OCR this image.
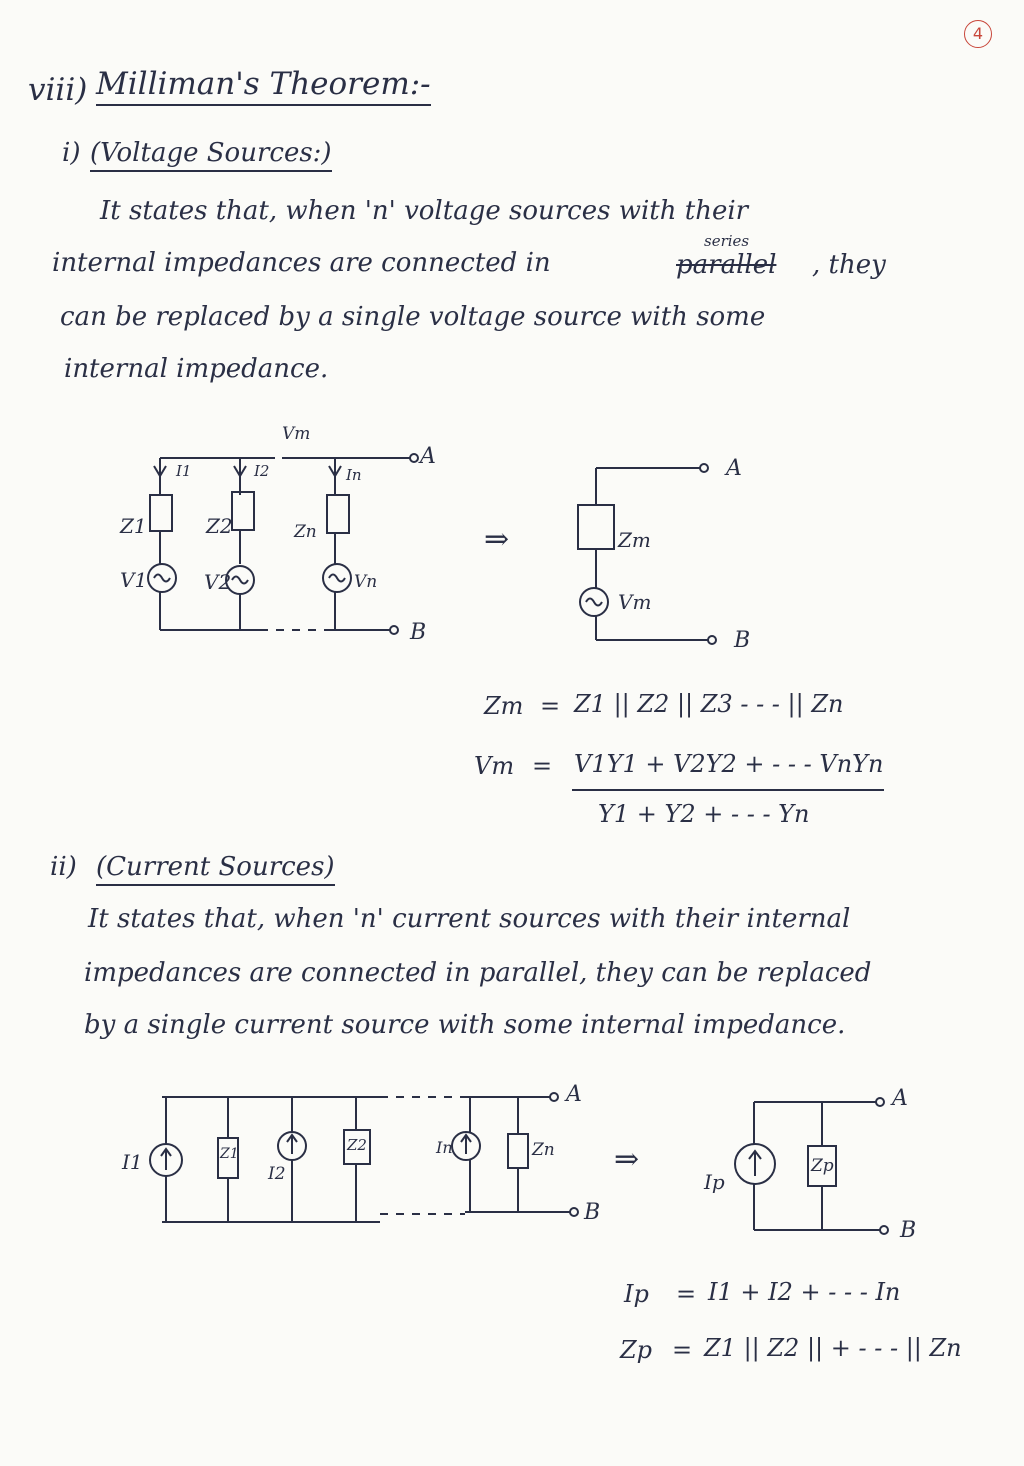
4
viii) Milliman's Theorem:-
i) (Voltage Sources:)
It states that, when 'n' voltage sources with their
internal impedances are connected in
series
parallel , they
can be replaced by a single voltage source with some
internal impedance.
I1	I2	In
Z1	Z2	Zn
V1	V2	Vn
Vm
A
B
⇒	Zm
Vm
A
B
Zm = Z1 || Z2 || Z3 - - - || Zn
Vm = V1Y1 + V2Y2 + - - - VnYn
Y1 + Y2 + - - - Yn
ii) (Current Sources)
It states that, when 'n' current sources with their internal
impedances are connected in parallel, they can be replaced
by a single current source with some internal impedance.
I1	Z1
I2
Z2	In	Zn
A
B
⇒
Ip
Zp
A
B
Ip = I1 + I2 + - - - In
Zp = Z1 || Z2 || + - - - || Zn
